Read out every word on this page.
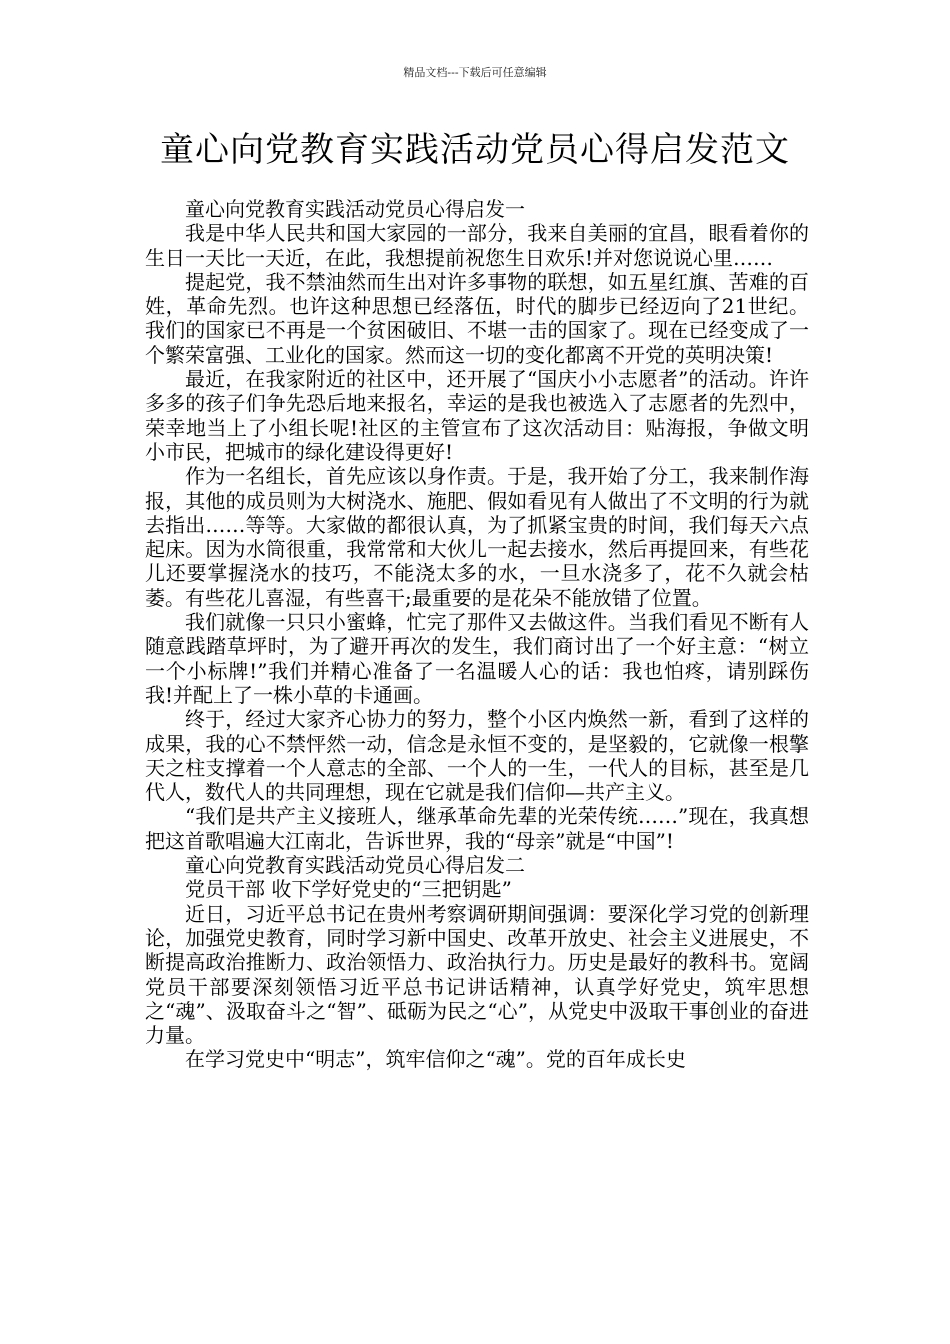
精品文档---下载后可任意编辑
童心向党教育实践活动党员心得启发范文

童心向党教育实践活动党员心得启发一

我是中华人民共和国大家园的一部分，我来自美丽的宜昌，眼看着你的生日一天比一天近，在此，我想提前祝您生日欢乐!并对您说说心里……

提起党，我不禁油然而生出对许多事物的联想，如五星红旗、苦难的百姓，革命先烈。也许这种思想已经落伍，时代的脚步已经迈向了21世纪。我们的国家已不再是一个贫困破旧、不堪一击的国家了。现在已经变成了一个繁荣富强、工业化的国家。然而这一切的变化都离不开党的英明决策!

最近，在我家附近的社区中，还开展了“国庆小小志愿者”的活动。许许多多的孩子们争先恐后地来报名，幸运的是我也被选入了志愿者的先烈中，荣幸地当上了小组长呢!社区的主管宣布了这次活动目：贴海报，争做文明小市民，把城市的绿化建设得更好!

作为一名组长，首先应该以身作责。于是，我开始了分工，我来制作海报，其他的成员则为大树浇水、施肥、假如看见有人做出了不文明的行为就去指出……等等。大家做的都很认真，为了抓紧宝贵的时间，我们每天六点起床。因为水筒很重，我常常和大伙儿一起去接水，然后再提回来，有些花儿还要掌握浇水的技巧，不能浇太多的水，一旦水浇多了，花不久就会枯萎。有些花儿喜湿，有些喜干;最重要的是花朵不能放错了位置。

我们就像一只只小蜜蜂，忙完了那件又去做这件。当我们看见不断有人随意践踏草坪时，为了避开再次的发生，我们商讨出了一个好主意：“树立一个小标牌!”我们并精心准备了一名温暖人心的话：我也怕疼，请别踩伤我!并配上了一株小草的卡通画。

终于，经过大家齐心协力的努力，整个小区内焕然一新，看到了这样的成果，我的心不禁怦然一动，信念是永恒不变的，是坚毅的，它就像一根擎天之柱支撑着一个人意志的全部、一个人的一生，一代人的目标，甚至是几代人，数代人的共同理想，现在它就是我们信仰—共产主义。

“我们是共产主义接班人，继承革命先辈的光荣传统……”现在，我真想把这首歌唱遍大江南北，告诉世界，我的“母亲”就是“中国”!

童心向党教育实践活动党员心得启发二

党员干部 收下学好党史的“三把钥匙”

近日，习近平总书记在贵州考察调研期间强调：要深化学习党的创新理论，加强党史教育，同时学习新中国史、改革开放史、社会主义进展史，不断提高政治推断力、政治领悟力、政治执行力。历史是最好的教科书。宽阔党员干部要深刻领悟习近平总书记讲话精神，认真学好党史，筑牢思想之“魂”、汲取奋斗之“智”、砥砺为民之“心”，从党史中汲取干事创业的奋进力量。

在学习党史中“明志”，筑牢信仰之“魂”。党的百年成长史
